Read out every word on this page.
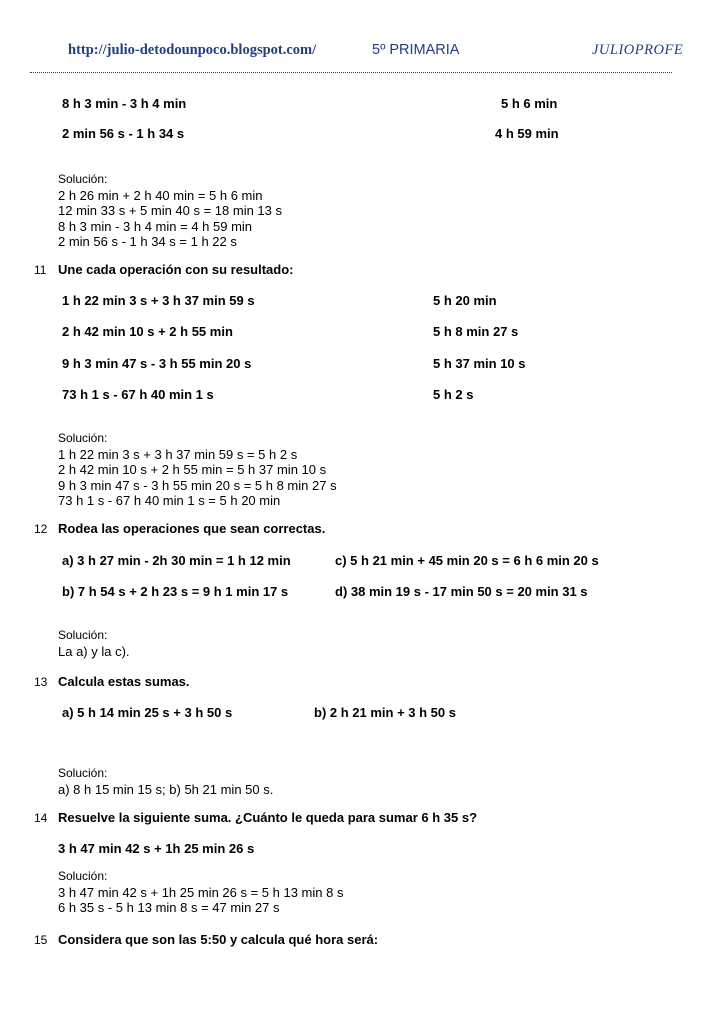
http://julio-detodounpoco.blogspot.com/	5º PRIMARIA	JULIOPROFE
8 h 3 min - 3 h 4 min	5 h 6 min
2 min 56 s - 1 h 34 s	4 h 59 min
Solución:
2 h 26 min + 2 h 40 min = 5 h 6 min
12 min 33 s + 5 min 40 s = 18 min 13 s
8 h 3 min - 3 h 4 min = 4 h 59 min
2 min 56 s - 1 h 34 s = 1 h 22 s
11 Une cada operación con su resultado:
1 h 22 min 3 s + 3 h 37 min 59 s	5 h 20 min
2 h 42 min 10 s + 2 h 55 min	5 h 8 min 27 s
9 h 3 min 47 s - 3 h 55 min 20 s	5 h 37 min 10 s
73 h 1 s - 67 h 40 min 1 s	5 h 2 s
Solución:
1 h 22 min 3 s + 3 h 37 min 59 s = 5 h 2 s
2 h 42 min 10 s + 2 h 55 min = 5 h 37 min 10 s
9 h 3 min 47 s - 3 h 55 min 20 s = 5 h 8 min 27 s
73 h 1 s - 67 h 40 min 1 s = 5 h 20 min
12 Rodea las operaciones que sean correctas.
a) 3 h 27 min - 2h 30 min = 1 h 12 min	c) 5 h 21 min + 45 min 20 s = 6 h 6 min 20 s
b) 7 h 54 s + 2 h 23 s = 9 h 1 min 17 s	d) 38 min 19 s - 17 min 50 s = 20 min 31 s
Solución:
La a) y la c).
13 Calcula estas sumas.
a) 5 h 14 min 25 s + 3 h 50 s	b) 2 h 21 min + 3 h 50 s
Solución:
a) 8 h 15 min 15 s; b) 5h 21 min 50 s.
14 Resuelve la siguiente suma. ¿Cuánto le queda para sumar 6 h 35 s?
3 h 47 min 42 s + 1h 25 min 26 s
Solución:
3 h 47 min 42 s + 1h 25 min 26 s = 5 h 13 min 8 s
6 h 35 s - 5 h 13 min 8 s = 47 min 27 s
15 Considera que son las 5:50 y calcula qué hora será:
